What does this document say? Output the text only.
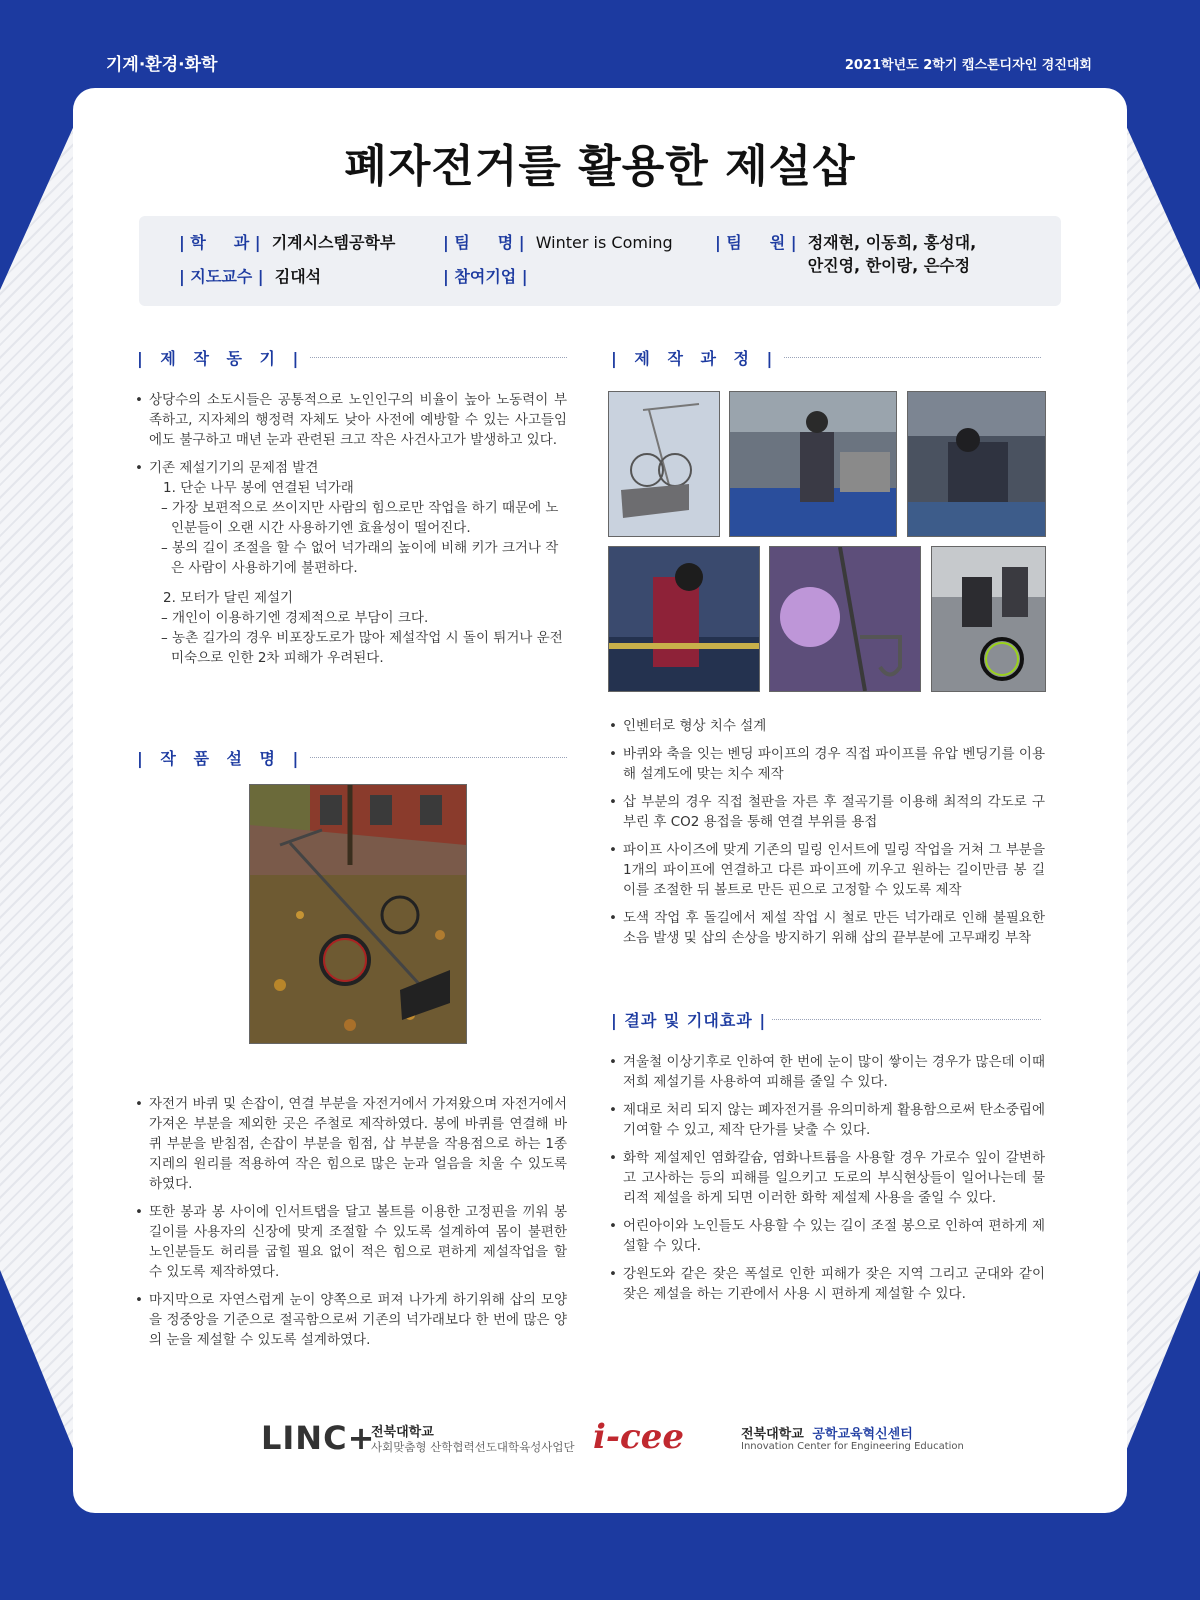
기계·환경·화학	2021학년도 2학기 캡스톤디자인 경진대회
폐자전거를 활용한 제설삽
| 학     과 | 기계시스템공학부
| 지도교수 | 김대석
| 팀     명 | Winter is Coming
| 참여기업 |
| 팀     원 | 정재현, 이동희, 홍성대,
안진영, 한이랑, 은수정
| 제 작 동 기 |
• 상당수의 소도시들은 공통적으로 노인인구의 비율이 높아 노동력이 부족하고, 지자체의 행정력 자체도 낮아 사전에 예방할 수 있는 사고들임에도 불구하고 매년 눈과 관련된 크고 작은 사건사고가 발생하고 있다.
• 기존 제설기기의 문제점 발견
1. 단순 나무 봉에 연결된 넉가래
– 가장 보편적으로 쓰이지만 사람의 힘으로만 작업을 하기 때문에 노인분들이 오랜 시간 사용하기엔 효율성이 떨어진다.
– 봉의 길이 조절을 할 수 없어 넉가래의 높이에 비해 키가 크거나 작은 사람이 사용하기에 불편하다.
2. 모터가 달린 제설기
– 개인이 이용하기엔 경제적으로 부담이 크다.
– 농촌 길가의 경우 비포장도로가 많아 제설작업 시 돌이 튀거나 운전미숙으로 인한 2차 피해가 우려된다.
| 작 품 설 명 |
• 자전거 바퀴 및 손잡이, 연결 부분을 자전거에서 가져왔으며 자전거에서 가져온 부분을 제외한 곳은 주철로 제작하였다. 봉에 바퀴를 연결해 바퀴 부분을 받침점, 손잡이 부분을 힘점, 삽 부분을 작용점으로 하는 1종 지레의 원리를 적용하여 작은 힘으로 많은 눈과 얼음을 치울 수 있도록 하였다.
• 또한 봉과 봉 사이에 인서트탭을 달고 볼트를 이용한 고정핀을 끼워 봉 길이를 사용자의 신장에 맞게 조절할 수 있도록 설계하여 몸이 불편한 노인분들도 허리를 굽힐 필요 없이 적은 힘으로 편하게 제설작업을 할 수 있도록 제작하였다.
• 마지막으로 자연스럽게 눈이 양쪽으로 퍼져 나가게 하기위해 삽의 모양을 정중앙을 기준으로 절곡함으로써 기존의 넉가래보다 한 번에 많은 양의 눈을 제설할 수 있도록 설계하였다.
| 제 작 과 정 |
• 인벤터로 형상 치수 설계
• 바퀴와 축을 잇는 벤딩 파이프의 경우 직접 파이프를 유압 벤딩기를 이용해 설계도에 맞는 치수 제작
• 삽 부분의 경우 직접 철판을 자른 후 절곡기를 이용해 최적의 각도로 구부린 후 CO2 용접을 통해 연결 부위를 용접
• 파이프 사이즈에 맞게 기존의 밀링 인서트에 밀링 작업을 거쳐 그 부분을 1개의 파이프에 연결하고 다른 파이프에 끼우고 원하는 길이만큼 봉 길이를 조절한 뒤 볼트로 만든 핀으로 고정할 수 있도록 제작
• 도색 작업 후 돌길에서 제설 작업 시 철로 만든 넉가래로 인해 불필요한 소음 발생 및 삽의 손상을 방지하기 위해 삽의 끝부분에 고무패킹 부착
| 결과 및 기대효과 |
• 겨울철 이상기후로 인하여 한 번에 눈이 많이 쌓이는 경우가 많은데 이때 저희 제설기를 사용하여 피해를 줄일 수 있다.
• 제대로 처리 되지 않는 폐자전거를 유의미하게 활용함으로써 탄소중립에 기여할 수 있고, 제작 단가를 낮출 수 있다.
• 화학 제설제인 염화칼슘, 염화나트륨을 사용할 경우 가로수 잎이 갈변하고 고사하는 등의 피해를 일으키고 도로의 부식현상들이 일어나는데 물리적 제설을 하게 되면 이러한 화학 제설제 사용을 줄일 수 있다.
• 어린아이와 노인들도 사용할 수 있는 길이 조절 봉으로 인하여 편하게 제설할 수 있다.
• 강원도와 같은 잦은 폭설로 인한 피해가 잦은 지역 그리고 군대와 같이 잦은 제설을 하는 기관에서 사용 시 편하게 제설할 수 있다.
LINC+
전북대학교
사회맞춤형 산학협력선도대학육성사업단 i-cee	전북대학교 공학교육혁신센터
Innovation Center for Engineering Education
